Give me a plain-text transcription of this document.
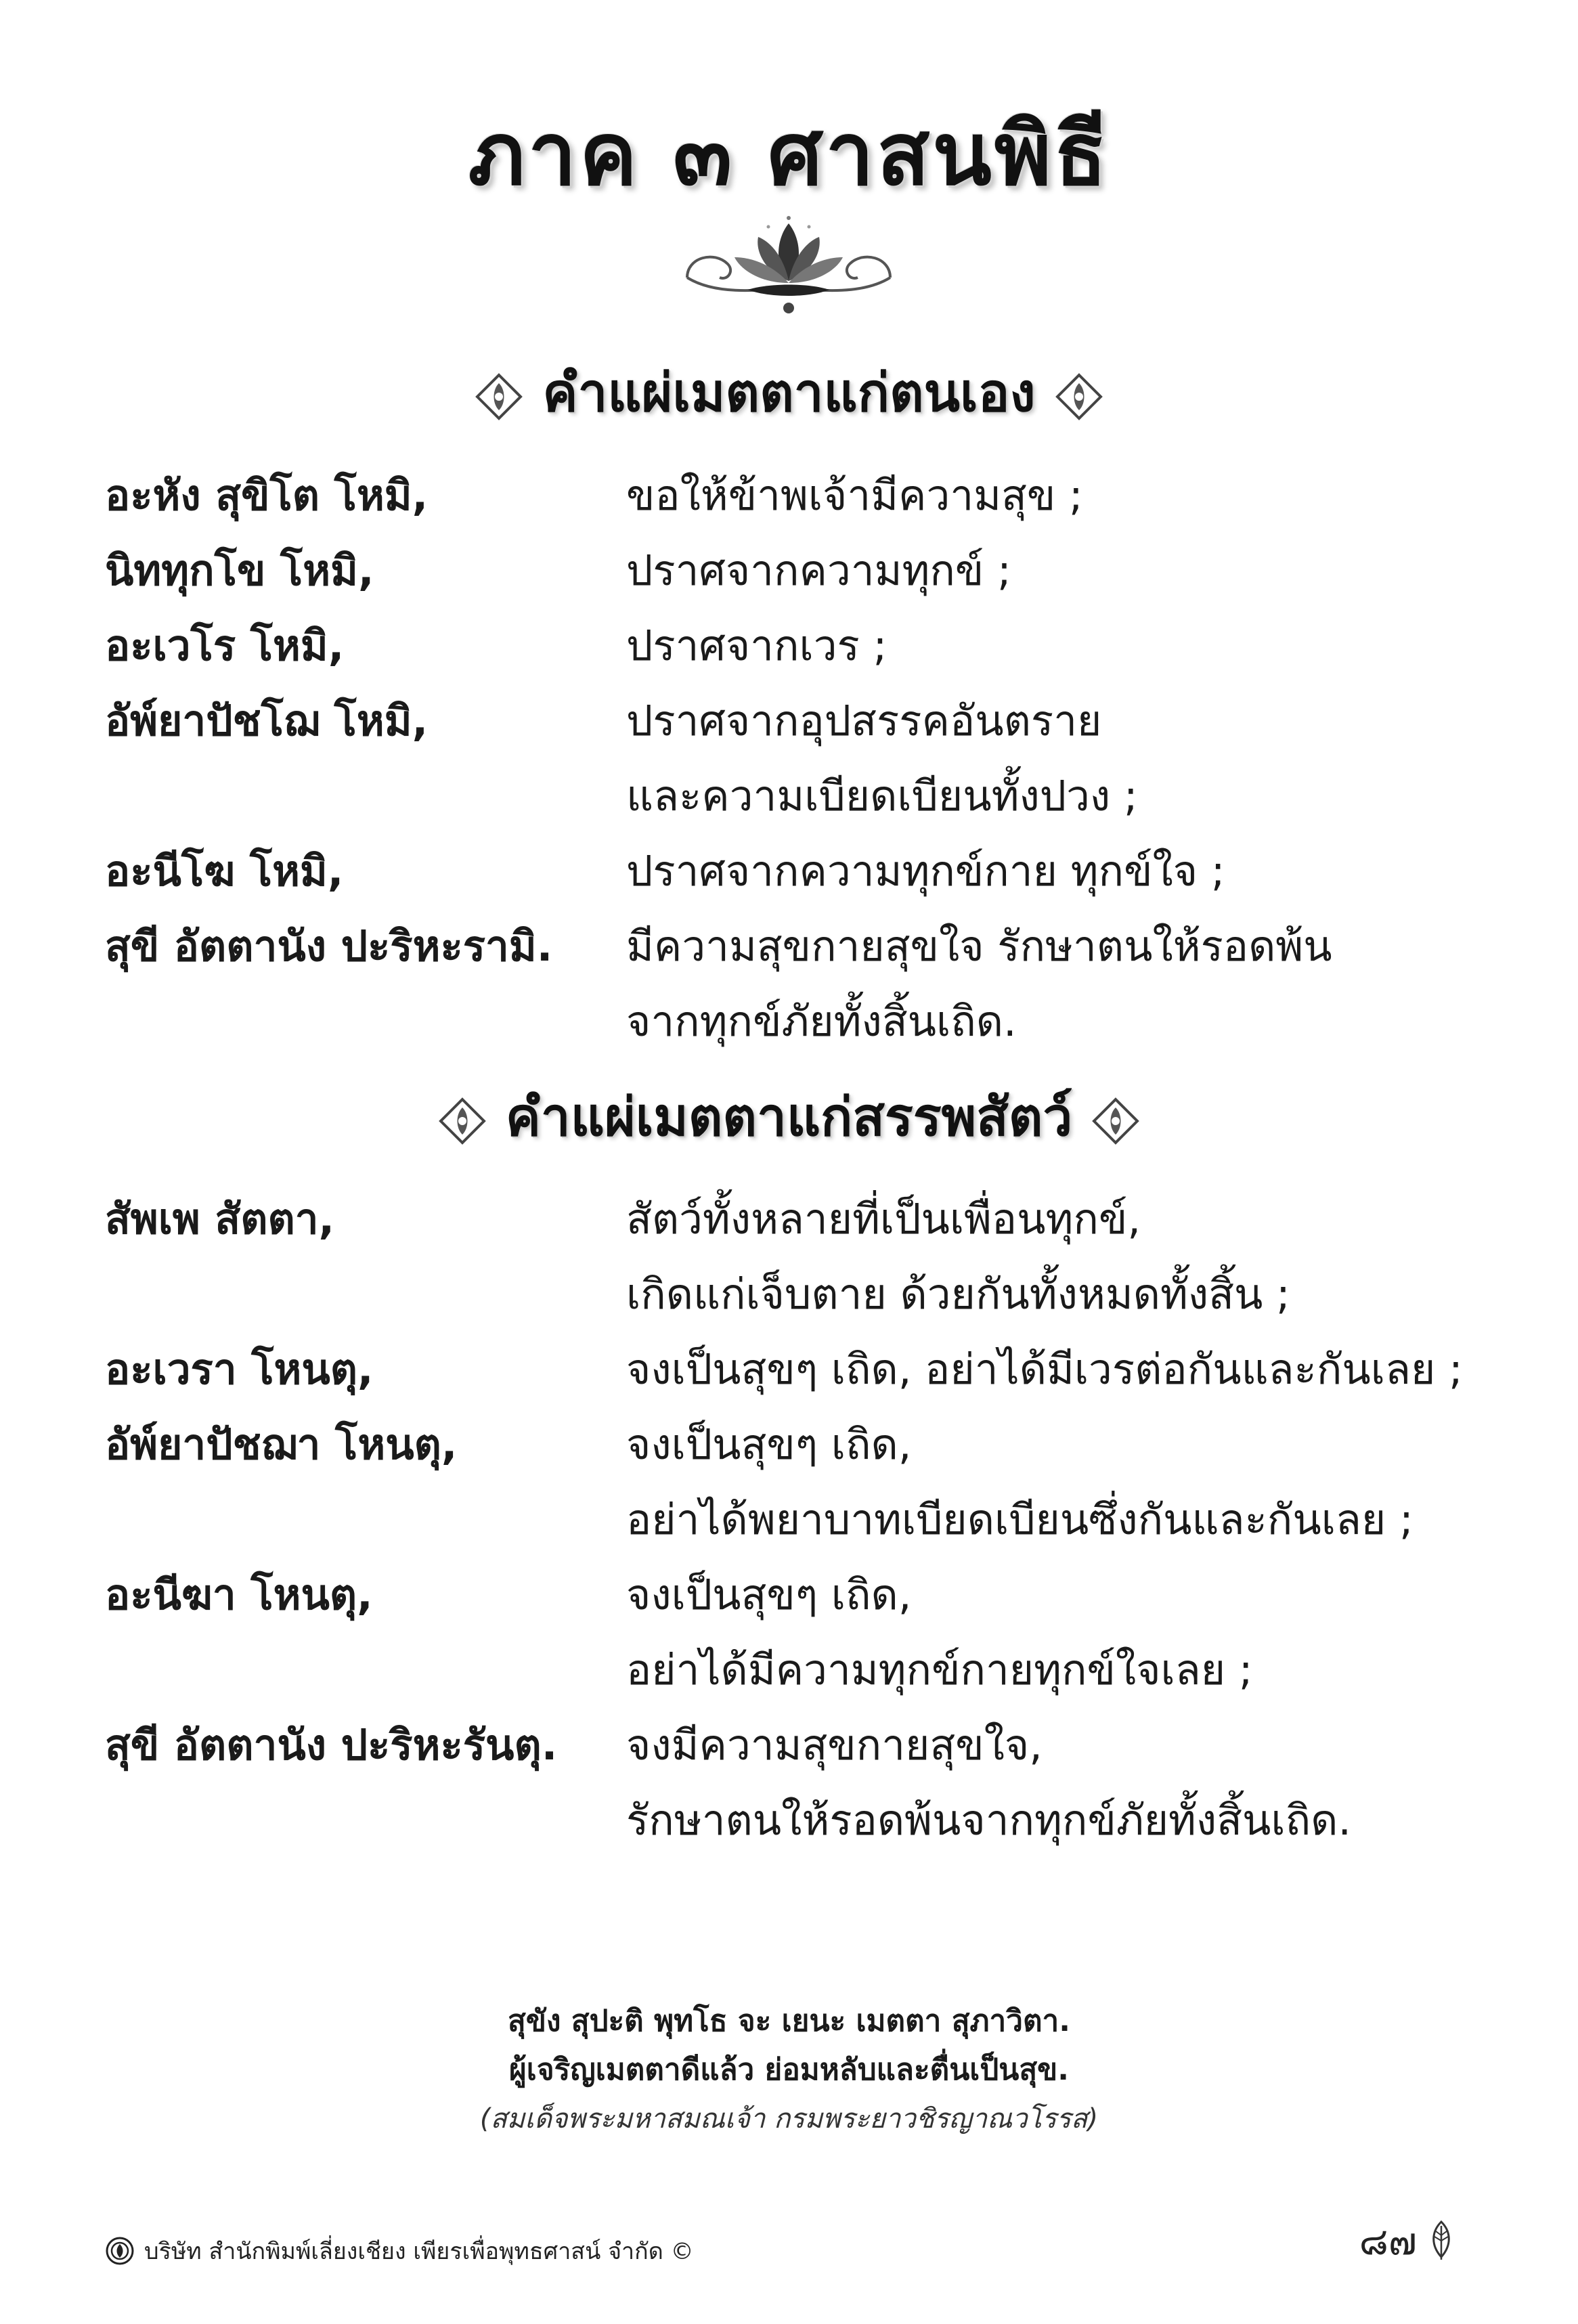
ภาค ๓ ศาสนพิธี
คำแผ่เมตตาแก่ตนเอง
อะหัง สุขิโต โหมิ,	ขอให้ข้าพเจ้ามีความสุข ;
นิททุกโข โหมิ,	ปราศจากความทุกข์ ;
อะเวโร โหมิ,	ปราศจากเวร ;
อัพ์ยาปัชโฌ โหมิ,	ปราศจากอุปสรรคอันตราย
และความเบียดเบียนทั้งปวง ;
อะนีโฆ โหมิ,	ปราศจากความทุกข์กาย ทุกข์ใจ ;
สุขี อัตตานัง ปะริหะรามิ.	มีความสุขกายสุขใจ รักษาตนให้รอดพ้น
จากทุกข์ภัยทั้งสิ้นเถิด.
คำแผ่เมตตาแก่สรรพสัตว์
สัพเพ สัตตา,	สัตว์ทั้งหลายที่เป็นเพื่อนทุกข์,
เกิดแก่เจ็บตาย ด้วยกันทั้งหมดทั้งสิ้น ;
อะเวรา โหนตุ,	จงเป็นสุขๆ เถิด, อย่าได้มีเวรต่อกันและกันเลย ;
อัพ์ยาปัชฌา โหนตุ,	จงเป็นสุขๆ เถิด,
อย่าได้พยาบาทเบียดเบียนซึ่งกันและกันเลย ;
อะนีฆา โหนตุ,	จงเป็นสุขๆ เถิด,
อย่าได้มีความทุกข์กายทุกข์ใจเลย ;
สุขี อัตตานัง ปะริหะรันตุ.	จงมีความสุขกายสุขใจ,
รักษาตนให้รอดพ้นจากทุกข์ภัยทั้งสิ้นเถิด.
สุขัง สุปะติ พุทโธ จะ เยนะ เมตตา สุภาวิตา.
ผู้เจริญเมตตาดีแล้ว ย่อมหลับและตื่นเป็นสุข.
(สมเด็จพระมหาสมณเจ้า กรมพระยาวชิรญาณวโรรส)
บริษัท สำนักพิมพ์เลี่ยงเชียง เพียรเพื่อพุทธศาสน์ จำกัด ©	๘๗
